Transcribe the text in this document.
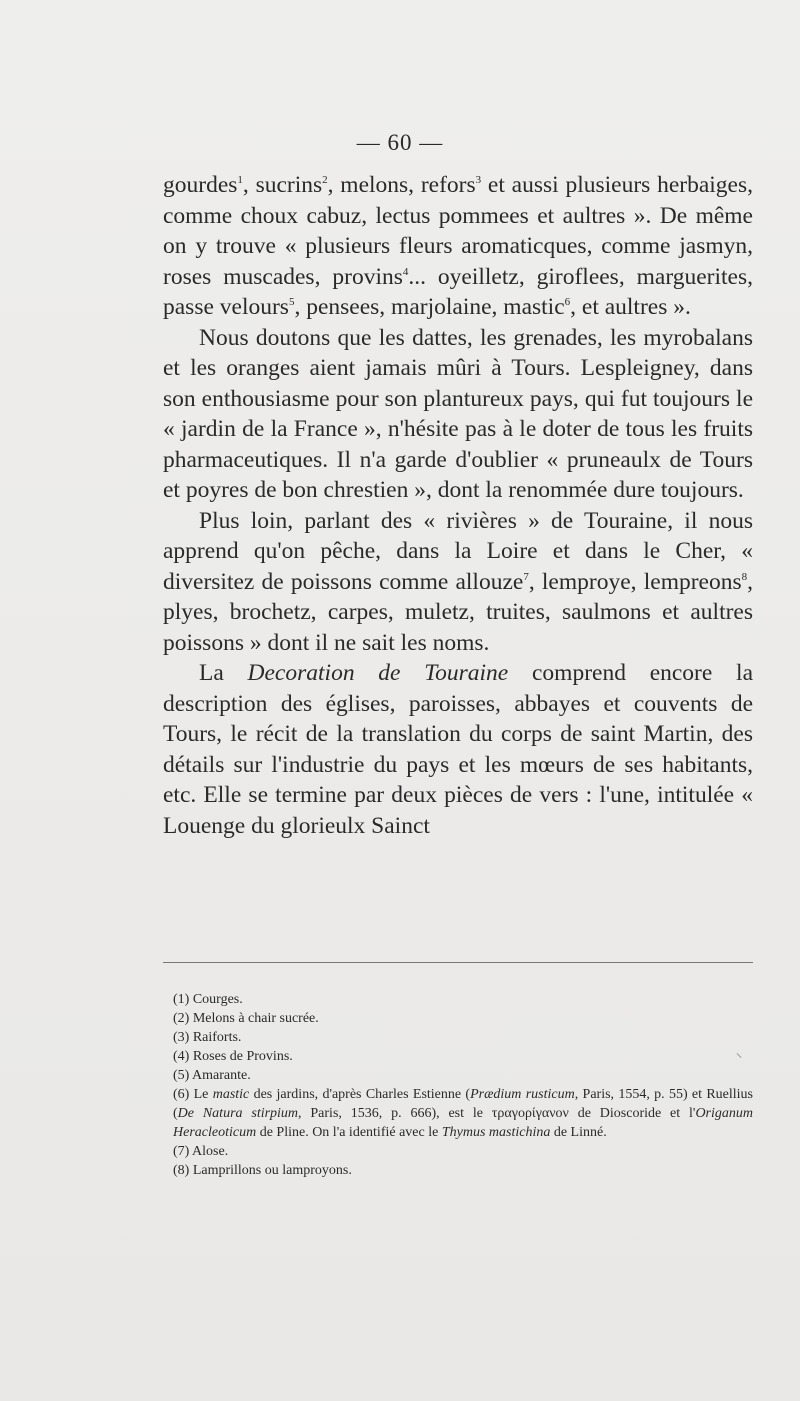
— 60 —

gourdes$^1$, sucrins$^2$, melons, refors$^3$ et aussi plusieurs herbaiges, comme choux cabuz, lectus pommees et aultres ». De même on y trouve « plusieurs fleurs aromaticques, comme jasmyn, roses muscades, provins$^4$... oyeilletz, giroflees, marguerites, passe velours$^5$, pensees, marjolaine, mastic$^6$, et aultres ».

Nous doutons que les dattes, les grenades, les myrobalans et les oranges aient jamais mûri à Tours. Lespleigney, dans son enthousiasme pour son plantureux pays, qui fut toujours le « jardin de la France », n'hésite pas à le doter de tous les fruits pharmaceutiques. Il n'a garde d'oublier « pruneaulx de Tours et poyres de bon chrestien », dont la renommée dure toujours.

Plus loin, parlant des « rivières » de Touraine, il nous apprend qu'on pêche, dans la Loire et dans le Cher, « diversitez de poissons comme allouze$^7$, lemproye, lempreons$^8$, plyes, brochetz, carpes, muletz, truites, saulmons et aultres poissons » dont il ne sait les noms.

La Decoration de Touraine comprend encore la description des églises, paroisses, abbayes et couvents de Tours, le récit de la translation du corps de saint Martin, des détails sur l'industrie du pays et les mœurs de ses habitants, etc. Elle se termine par deux pièces de vers : l'une, intitulée « Louenge du glorieulx Sainct

(1) Courges.

(2) Melons à chair sucrée.

(3) Raiforts.

(4) Roses de Provins.

(5) Amarante.

(6) Le mastic des jardins, d'après Charles Estienne (Prædium rusticum, Paris, 1554, p. 55) et Ruellius (De Natura stirpium, Paris, 1536, p. 666), est le τραγορίγανον de Dioscoride et l'Origanum Heracleoticum de Pline. On l'a identifié avec le Thymus mastichina de Linné.

(7) Alose.

(8) Lamprillons ou lamproyons.
